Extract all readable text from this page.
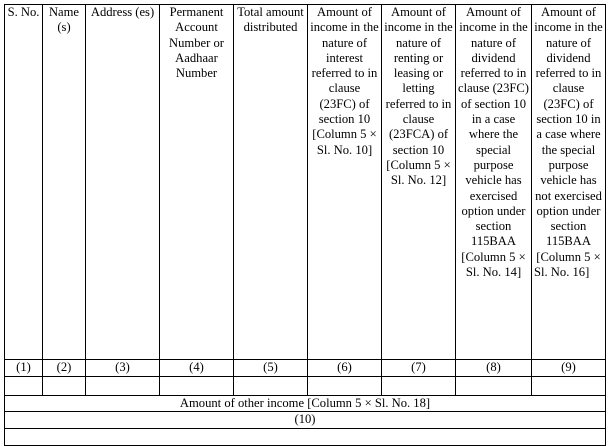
S. No.	Name (s)	Address (es)	Permanent Account Number or Aadhaar Number	Total amount distributed	Amount of income in the nature of interest referred to in clause (23FC) of section 10 [Column 5 × Sl. No. 10]	Amount of income in the nature of renting or leasing or letting referred to in clause (23FCA) of section 10 [Column 5 × Sl. No. 12]	Amount of income in the nature of dividend referred to in clause (23FC) of section 10 in a case where the special purpose vehicle has exercised option under section 115BAA [Column 5 × Sl. No. 14]	Amount of income in the nature of dividend referred to in clause (23FC) of section 10 in a case where the special purpose vehicle has not exercised option under section 115BAA [Column 5 × Sl. No. 16]
(1)	(2)	(3)	(4)	(5)	(6)	(7)	(8)	(9)

Amount of other income [Column 5 × Sl. No. 18]								
(10)								
